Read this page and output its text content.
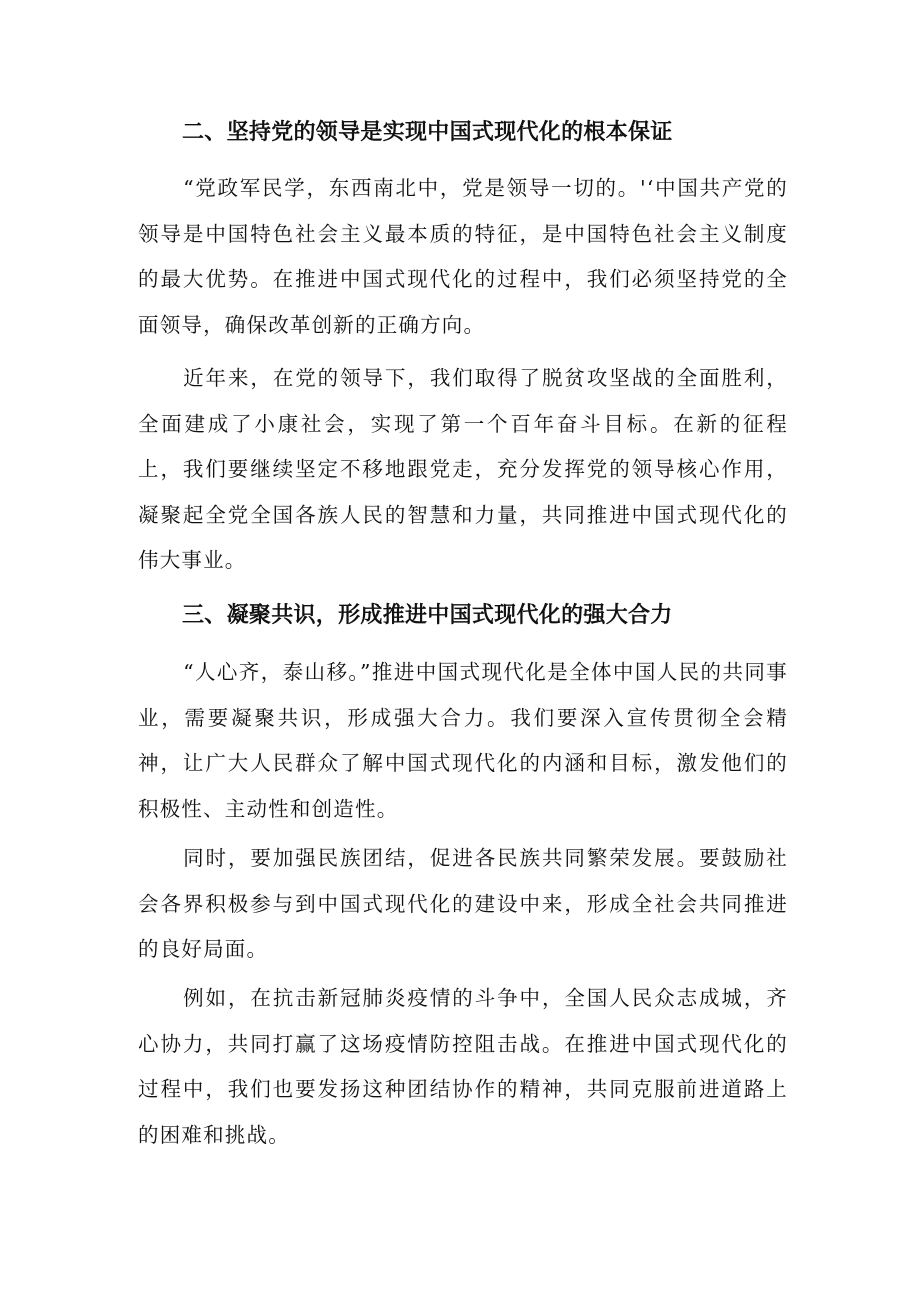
二、坚持党的领导是实现中国式现代化的根本保证

“党政军民学，东西南北中，党是领导一切的。'‘中国共产党的领导是中国特色社会主义最本质的特征，是中国特色社会主义制度的最大优势。在推进中国式现代化的过程中，我们必须坚持党的全面领导，确保改革创新的正确方向。

近年来，在党的领导下，我们取得了脱贫攻坚战的全面胜利，全面建成了小康社会，实现了第一个百年奋斗目标。在新的征程上，我们要继续坚定不移地跟党走，充分发挥党的领导核心作用，凝聚起全党全国各族人民的智慧和力量，共同推进中国式现代化的伟大事业。

三、凝聚共识，形成推进中国式现代化的强大合力

“人心齐，泰山移。”推进中国式现代化是全体中国人民的共同事业，需要凝聚共识，形成强大合力。我们要深入宣传贯彻全会精神，让广大人民群众了解中国式现代化的内涵和目标，激发他们的积极性、主动性和创造性。

同时，要加强民族团结，促进各民族共同繁荣发展。要鼓励社会各界积极参与到中国式现代化的建设中来，形成全社会共同推进的良好局面。

例如，在抗击新冠肺炎疫情的斗争中，全国人民众志成城，齐心协力，共同打赢了这场疫情防控阻击战。在推进中国式现代化的过程中，我们也要发扬这种团结协作的精神，共同克服前进道路上的困难和挑战。
